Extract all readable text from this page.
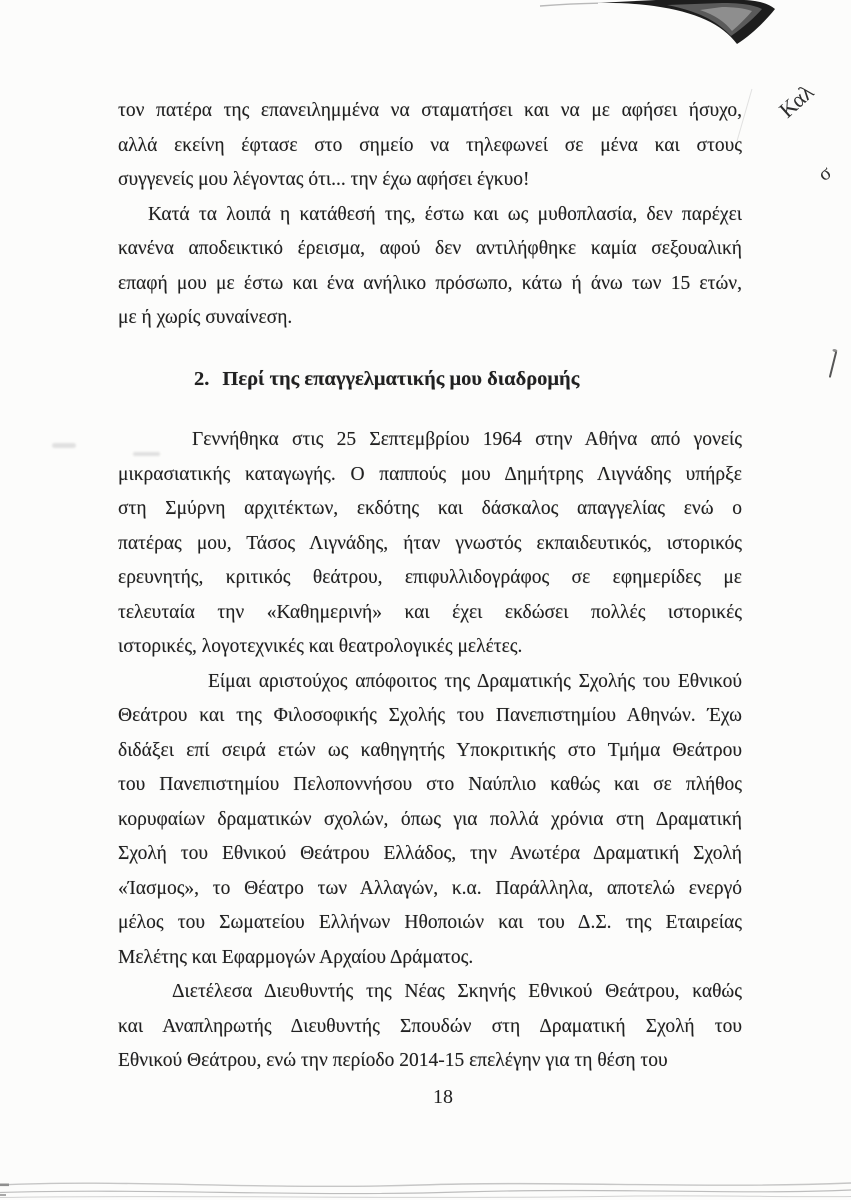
Καλ
σ
τον πατέρα της επανειλημμένα να σταματήσει και να με αφήσει ήσυχο,
αλλά εκείνη έφτασε στο σημείο να τηλεφωνεί σε μένα και στους
συγγενείς μου λέγοντας ότι... την έχω αφήσει έγκυο!
Κατά τα λοιπά η κατάθεσή της, έστω και ως μυθοπλασία, δεν παρέχει
κανένα αποδεικτικό έρεισμα, αφού δεν αντιλήφθηκε καμία σεξουαλική
επαφή μου με έστω και ένα ανήλικο πρόσωπο, κάτω ή άνω των 15 ετών,
με ή χωρίς συναίνεση.
2. Περί της επαγγελματικής μου διαδρομής
Γεννήθηκα στις 25 Σεπτεμβρίου 1964 στην Αθήνα από γονείς
μικρασιατικής καταγωγής. Ο παππούς μου Δημήτρης Λιγνάδης υπήρξε
στη Σμύρνη αρχιτέκτων, εκδότης και δάσκαλος απαγγελίας ενώ ο
πατέρας μου, Τάσος Λιγνάδης, ήταν γνωστός εκπαιδευτικός, ιστορικός
ερευνητής, κριτικός θεάτρου, επιφυλλιδογράφος σε εφημερίδες με
τελευταία την «Καθημερινή» και έχει εκδώσει πολλές ιστορικές
ιστορικές, λογοτεχνικές και θεατρολογικές μελέτες.
Είμαι αριστούχος απόφοιτος της Δραματικής Σχολής του Εθνικού
Θεάτρου και της Φιλοσοφικής Σχολής του Πανεπιστημίου Αθηνών. Έχω
διδάξει επί σειρά ετών ως καθηγητής Υποκριτικής στο Τμήμα Θεάτρου
του Πανεπιστημίου Πελοποννήσου στο Ναύπλιο καθώς και σε πλήθος
κορυφαίων δραματικών σχολών, όπως για πολλά χρόνια στη Δραματική
Σχολή του Εθνικού Θεάτρου Ελλάδος, την Ανωτέρα Δραματική Σχολή
«Ίασμος», το Θέατρο των Αλλαγών, κ.α. Παράλληλα, αποτελώ ενεργό
μέλος του Σωματείου Ελλήνων Ηθοποιών και του Δ.Σ. της Εταιρείας
Μελέτης και Εφαρμογών Αρχαίου Δράματος.
Διετέλεσα Διευθυντής της Νέας Σκηνής Εθνικού Θεάτρου, καθώς
και Αναπληρωτής Διευθυντής Σπουδών στη Δραματική Σχολή του
Εθνικού Θεάτρου, ενώ την περίοδο 2014-15 επελέγην για τη θέση του
18
